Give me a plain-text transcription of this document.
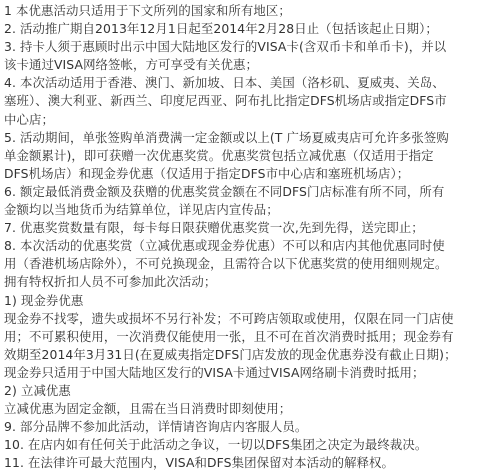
1 本优惠活动只适用于下文所列的国家和所有地区；
2. 活动推广期自2013年12月1日起至2014年2月28日止（包括该起止日期）；
3. 持卡人须于惠顾时出示中国大陆地区发行的VISA卡(含双币卡和单币卡)，并以
该卡通过VISA网络签帐，方可享受有关优惠；
4. 本次活动适用于香港、澳门、新加坡、日本、美国（洛杉矶、夏威夷、关岛、
塞班）、澳大利亚、新西兰、印度尼西亚、阿布扎比指定DFS机场店或指定DFS市
中心店；
5. 活动期间，单张签购单消费满一定金额或以上(T 广场夏威夷店可允许多张签购
单金额累计)，即可获赠一次优惠奖赏。优惠奖赏包括立减优惠（仅适用于指定
DFS机场店）和现金券优惠（仅适用于指定DFS市中心店和塞班机场店）；
6. 额定最低消费金额及获赠的优惠奖赏金额在不同DFS门店标准有所不同，所有
金额均以当地货币为结算单位，详见店内宣传品；
7. 优惠奖赏数量有限，每卡每日限获赠优惠奖赏一次,先到先得，送完即止；
8. 本次活动的优惠奖赏（立减优惠或现金券优惠）不可以和店内其他优惠同时使
用（香港机场店除外），不可兑换现金，且需符合以下优惠奖赏的使用细则规定。
拥有特权折扣人员不可参加此次活动；
1) 现金券优惠
现金券不找零，遗失或损坏不另行补发；不可跨店领取或使用，仅限在同一门店使
用；不可累积使用，一次消费仅能使用一张，且不可在首次消费时抵用；现金券有
效期至2014年3月31日(在夏威夷指定DFS门店发放的现金优惠券没有截止日期)；
现金券只适用于中国大陆地区发行的VISA卡通过VISA网络刷卡消费时抵用；
2) 立减优惠
立减优惠为固定金额，且需在当日消费时即刻使用；
9. 部分品牌不参加此活动，详情请咨询店内客服人员。
10. 在店内如有任何关于此活动之争议，一切以DFS集团之决定为最终裁决。
11. 在法律许可最大范围内，VISA和DFS集团保留对本活动的解释权。
